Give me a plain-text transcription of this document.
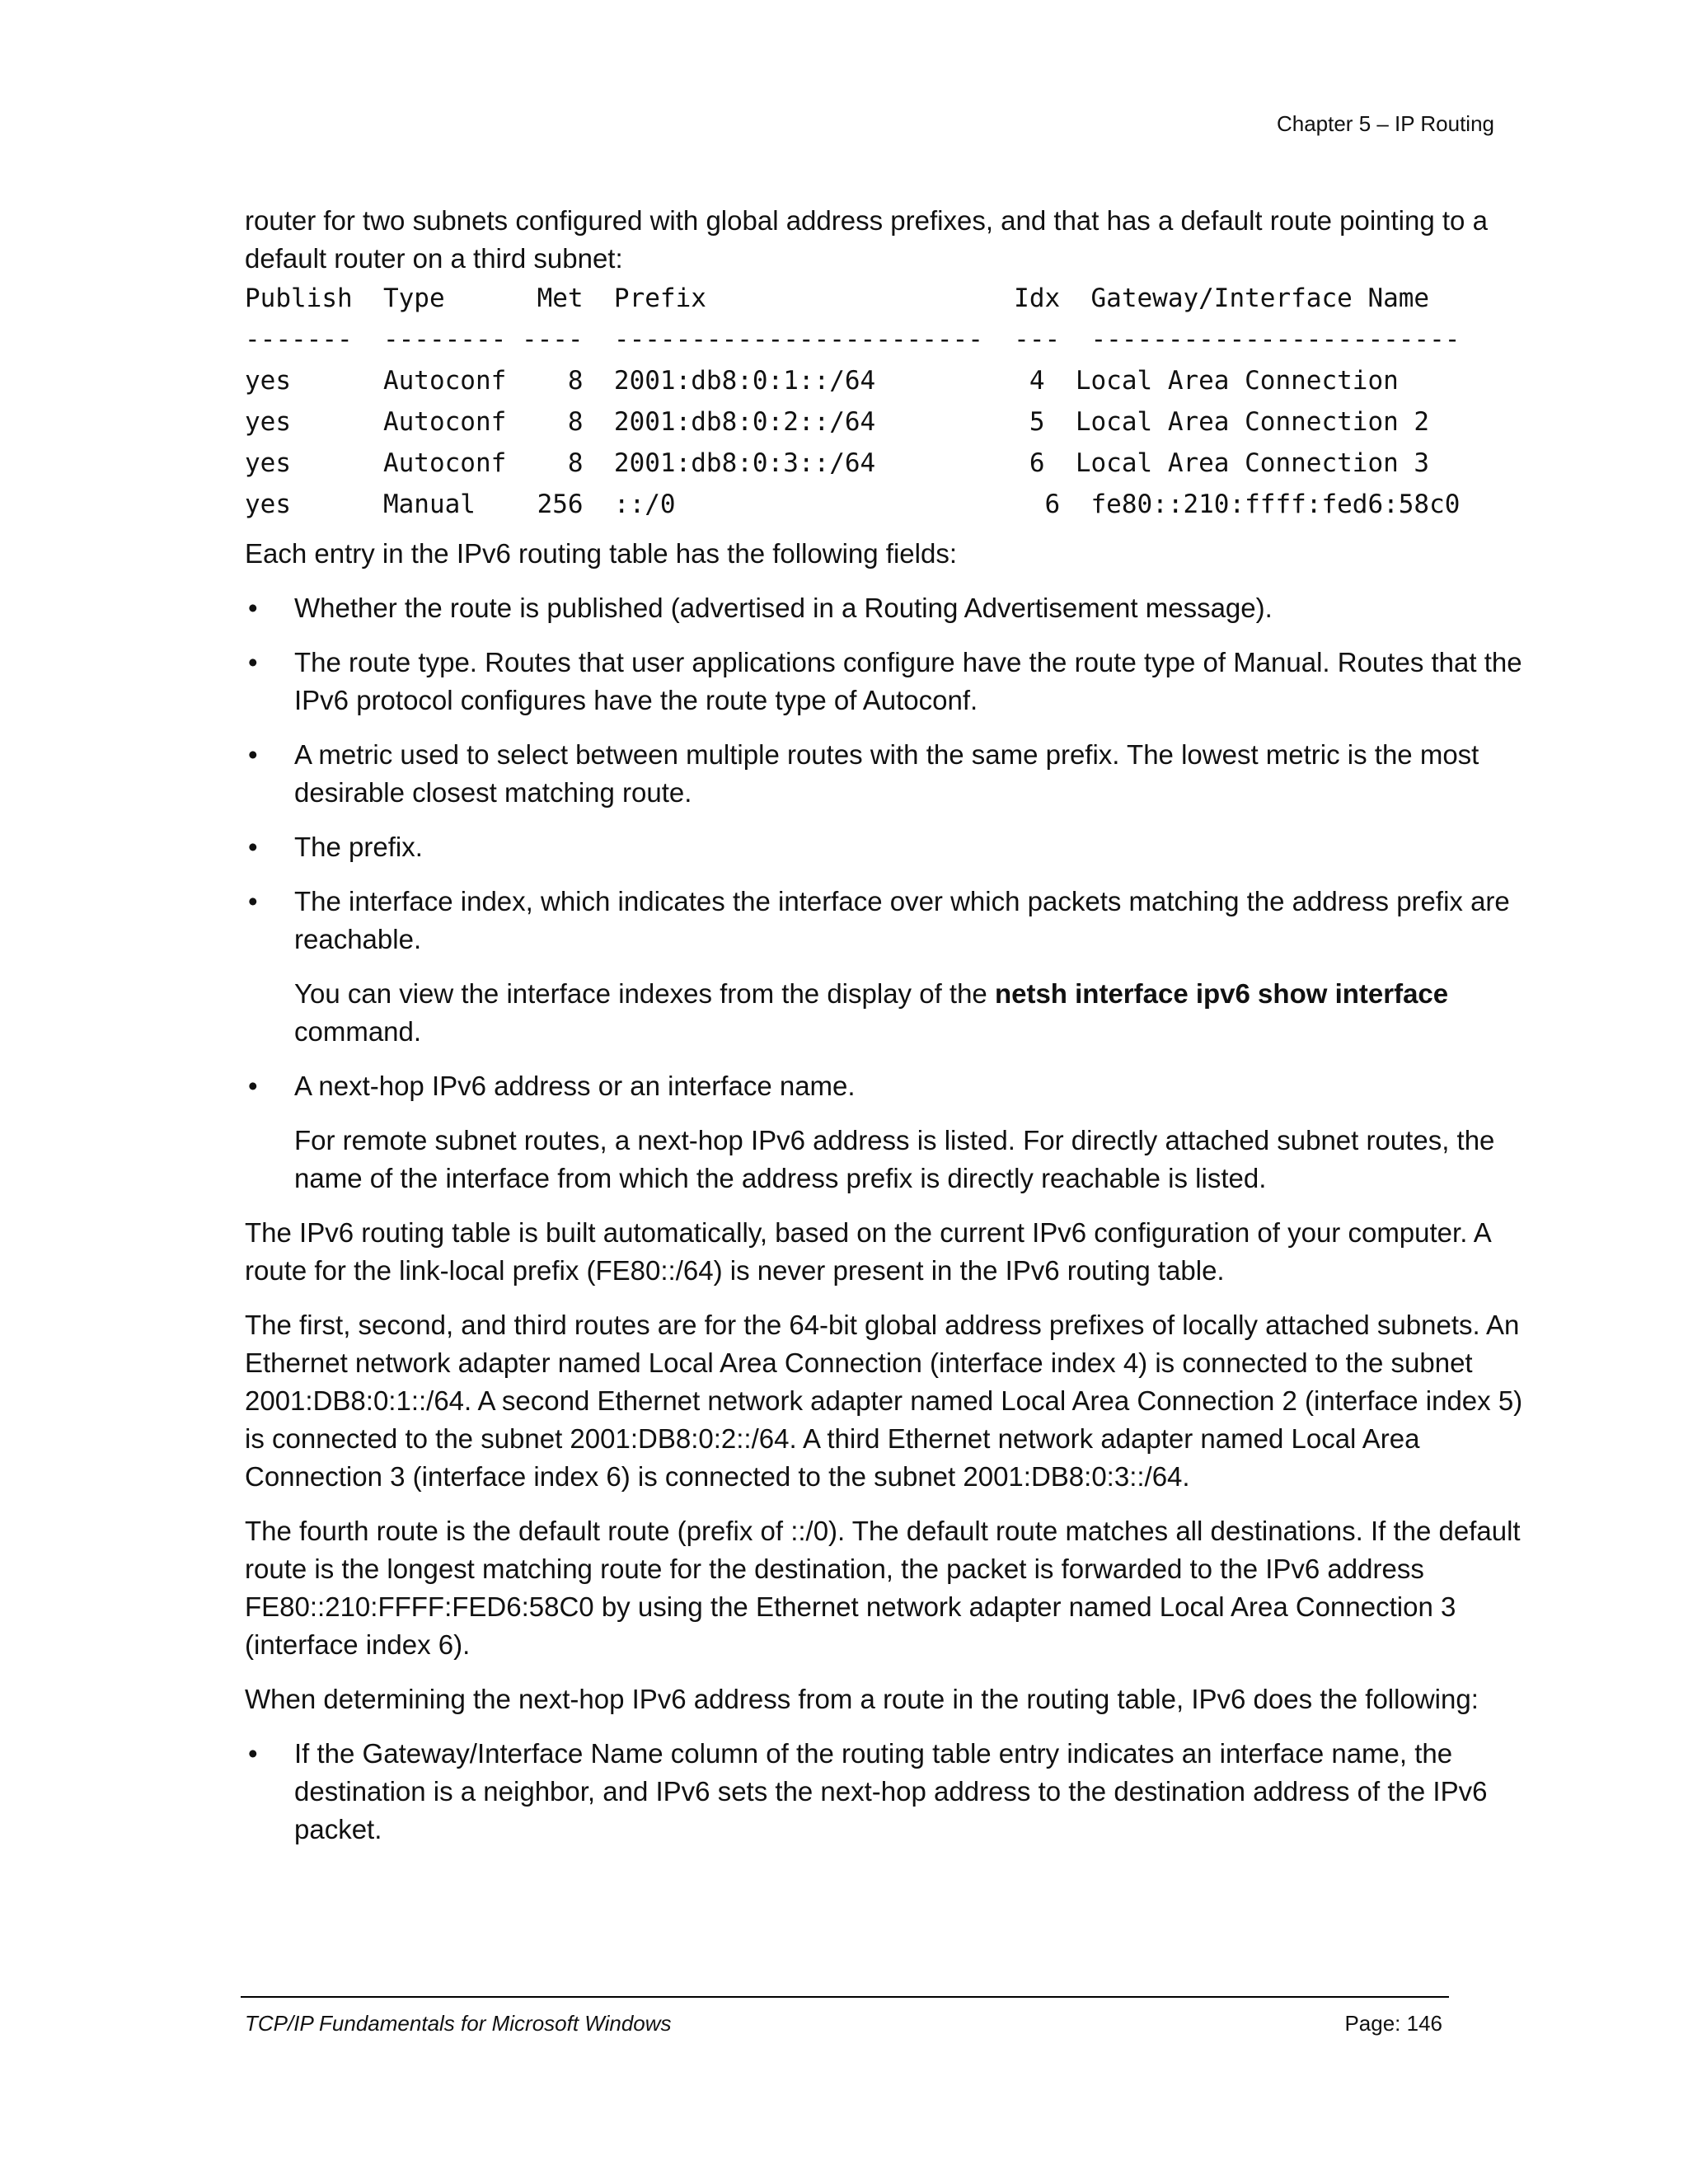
Chapter 5 – IP Routing

router for two subnets configured with global address prefixes, and that has a default route pointing to a default router on a third subnet:

Publish  Type      Met  Prefix                    Idx  Gateway/Interface Name
-------  -------- ----  ------------------------  ---  ------------------------
yes      Autoconf    8  2001:db8:0:1::/64          4  Local Area Connection
yes      Autoconf    8  2001:db8:0:2::/64          5  Local Area Connection 2
yes      Autoconf    8  2001:db8:0:3::/64          6  Local Area Connection 3
yes      Manual    256  ::/0                        6  fe80::210:ffff:fed6:58c0

Each entry in the IPv6 routing table has the following fields:

• Whether the route is published (advertised in a Routing Advertisement message).
• The route type. Routes that user applications configure have the route type of Manual. Routes that the IPv6 protocol configures have the route type of Autoconf.
• A metric used to select between multiple routes with the same prefix. The lowest metric is the most desirable closest matching route.
• The prefix.
• The interface index, which indicates the interface over which packets matching the address prefix are reachable.

You can view the interface indexes from the display of the netsh interface ipv6 show interface command.

• A next-hop IPv6 address or an interface name.

For remote subnet routes, a next-hop IPv6 address is listed. For directly attached subnet routes, the name of the interface from which the address prefix is directly reachable is listed.

The IPv6 routing table is built automatically, based on the current IPv6 configuration of your computer. A route for the link-local prefix (FE80::/64) is never present in the IPv6 routing table.

The first, second, and third routes are for the 64-bit global address prefixes of locally attached subnets. An Ethernet network adapter named Local Area Connection (interface index 4) is connected to the subnet 2001:DB8:0:1::/64. A second Ethernet network adapter named Local Area Connection 2 (interface index 5) is connected to the subnet 2001:DB8:0:2::/64. A third Ethernet network adapter named Local Area Connection 3 (interface index 6) is connected to the subnet 2001:DB8:0:3::/64.

The fourth route is the default route (prefix of ::/0). The default route matches all destinations. If the default route is the longest matching route for the destination, the packet is forwarded to the IPv6 address FE80::210:FFFF:FED6:58C0 by using the Ethernet network adapter named Local Area Connection 3 (interface index 6).

When determining the next-hop IPv6 address from a route in the routing table, IPv6 does the following:

• If the Gateway/Interface Name column of the routing table entry indicates an interface name, the destination is a neighbor, and IPv6 sets the next-hop address to the destination address of the IPv6 packet.
TCP/IP Fundamentals for Microsoft Windows	Page: 146
